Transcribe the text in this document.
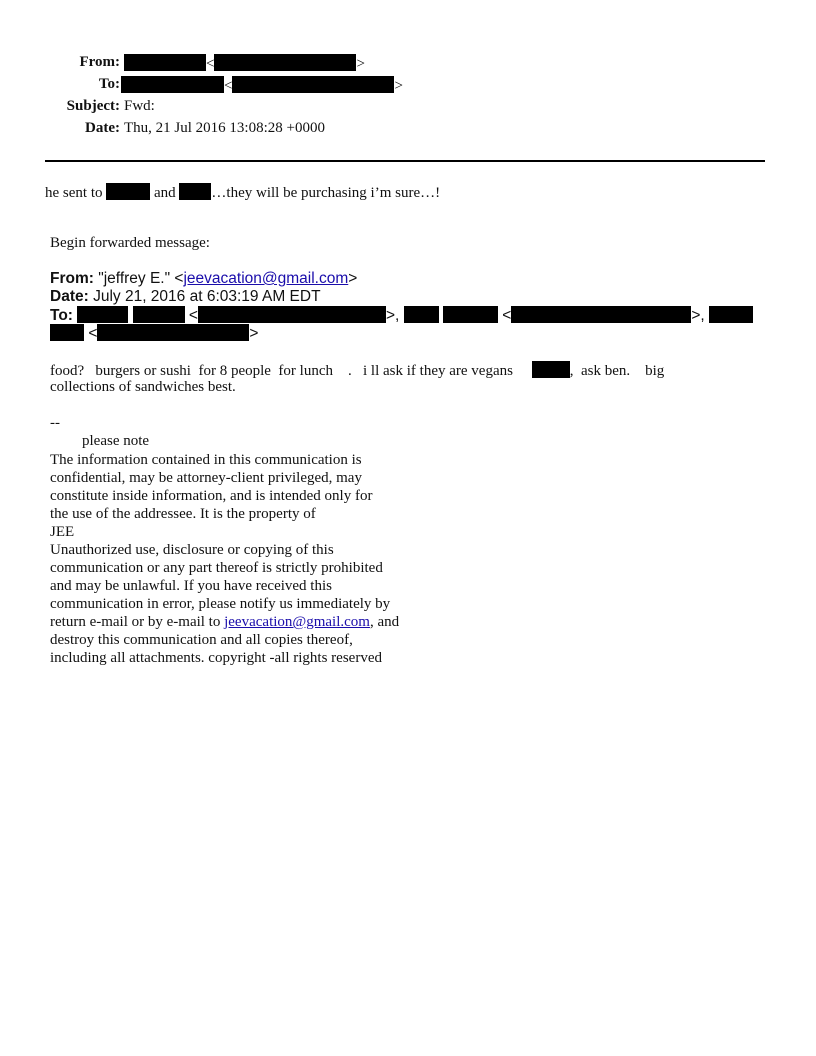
From:	<	>
To:	<	>
Subject: Fwd:
Date: Thu, 21 Jul 2016 13:08:28 +0000
he sent to	and …they will be purchasing i’m sure…!
Begin forwarded message:
From: "jeffrey E." <jeevacation@gmail.com>
Date: July 21, 2016 at 6:03:19 AM EDT
To:	<	>,	<	>,
<	>
food?   burgers or sushi  for 8 people  for lunch    .   i ll ask if they are vegans	,  ask ben.    big
collections of sandwiches best.
--
please note
The information contained in this communication is
confidential, may be attorney-client privileged, may
constitute inside information, and is intended only for
the use of the addressee. It is the property of
JEE
Unauthorized use, disclosure or copying of this
communication or any part thereof is strictly prohibited
and may be unlawful. If you have received this
communication in error, please notify us immediately by
return e-mail or by e-mail to jeevacation@gmail.com, and
destroy this communication and all copies thereof,
including all attachments. copyright -all rights reserved
